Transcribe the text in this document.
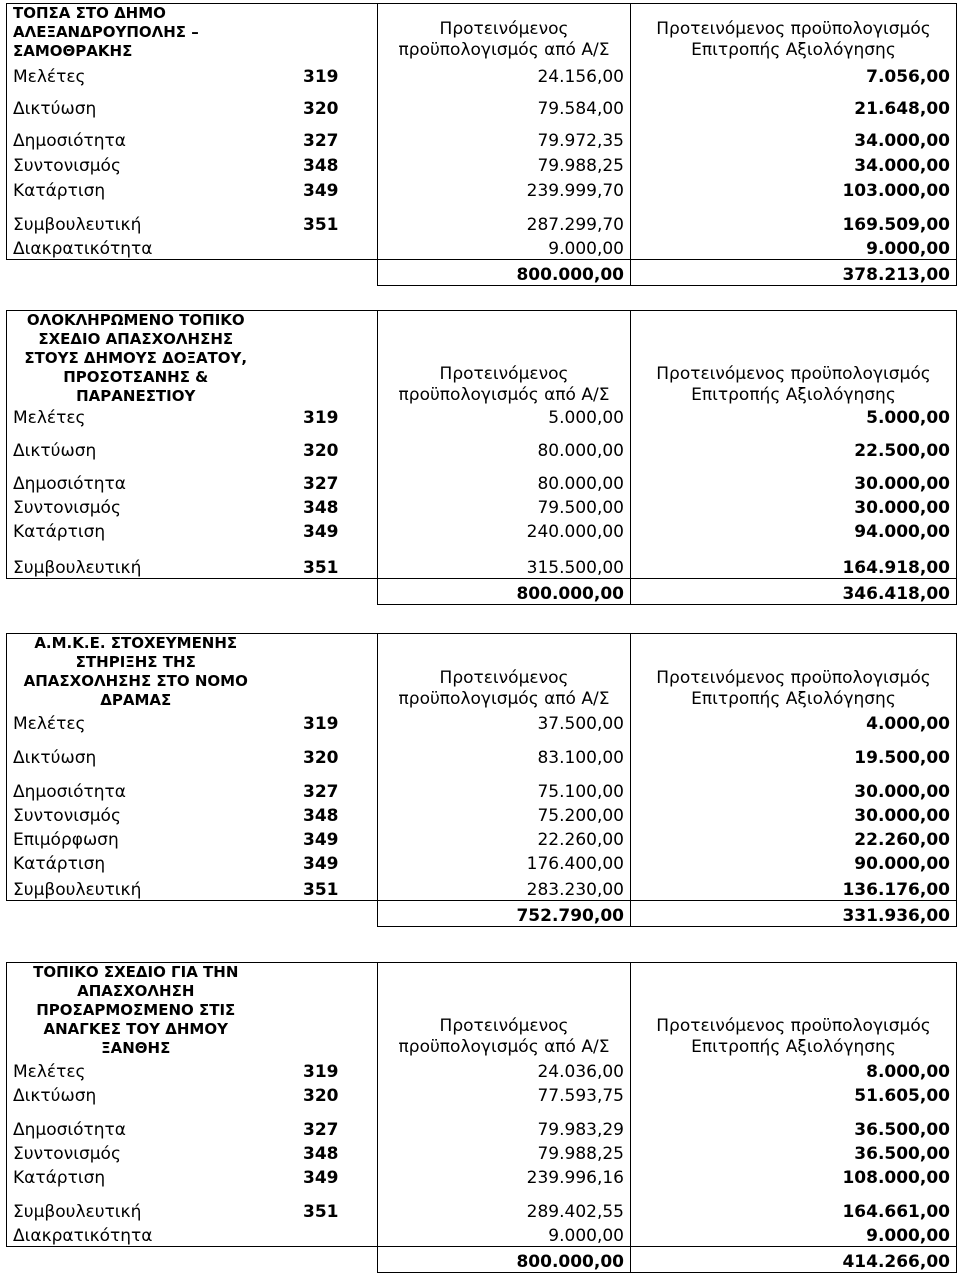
ΤΟΠΣΑ ΣΤΟ ΔΗΜΟ ΑΛΕΞΑΝΔΡΟΥΠΟΛΗΣ – ΣΑΜΟΘΡΑΚΗΣ		Προτεινόμενος προϋπολογισμός από Α/Σ	Προτεινόμενος προϋπολογισμός Επιτροπής Αξιολόγησης
Μελέτες	319	24.156,00	7.056,00
Δικτύωση	320	79.584,00	21.648,00
Δημοσιότητα	327	79.972,35	34.000,00
Συντονισμός	348	79.988,25	34.000,00
Κατάρτιση	349	239.999,70	103.000,00
Συμβουλευτική	351	287.299,70	169.509,00
Διακρατικότητα		9.000,00	9.000,00
		800.000,00	378.213,00
ΟΛΟΚΛΗΡΩΜΕΝΟ ΤΟΠΙΚΟ ΣΧΕΔΙΟ ΑΠΑΣΧΟΛΗΣΗΣ ΣΤΟΥΣ ΔΗΜΟΥΣ ΔΟΞΑΤΟΥ, ΠΡΟΣΟΤΣΑΝΗΣ & ΠΑΡΑΝΕΣΤΙΟΥ		Προτεινόμενος προϋπολογισμός από Α/Σ	Προτεινόμενος προϋπολογισμός Επιτροπής Αξιολόγησης
Μελέτες	319	5.000,00	5.000,00
Δικτύωση	320	80.000,00	22.500,00
Δημοσιότητα	327	80.000,00	30.000,00
Συντονισμός	348	79.500,00	30.000,00
Κατάρτιση	349	240.000,00	94.000,00
Συμβουλευτική	351	315.500,00	164.918,00
		800.000,00	346.418,00
Α.Μ.Κ.Ε. ΣΤΟΧΕΥΜΕΝΗΣ ΣΤΗΡΙΞΗΣ ΤΗΣ ΑΠΑΣΧΟΛΗΣΗΣ ΣΤΟ ΝΟΜΟ ΔΡΑΜΑΣ		Προτεινόμενος προϋπολογισμός από Α/Σ	Προτεινόμενος προϋπολογισμός Επιτροπής Αξιολόγησης
Μελέτες	319	37.500,00	4.000,00
Δικτύωση	320	83.100,00	19.500,00
Δημοσιότητα	327	75.100,00	30.000,00
Συντονισμός	348	75.200,00	30.000,00
Επιμόρφωση	349	22.260,00	22.260,00
Κατάρτιση	349	176.400,00	90.000,00
Συμβουλευτική	351	283.230,00	136.176,00
		752.790,00	331.936,00
ΤΟΠΙΚΟ ΣΧΕΔΙΟ ΓΙΑ ΤΗΝ ΑΠΑΣΧΟΛΗΣΗ ΠΡΟΣΑΡΜΟΣΜΕΝΟ ΣΤΙΣ ΑΝΑΓΚΕΣ ΤΟΥ ΔΗΜΟΥ ΞΑΝΘΗΣ		Προτεινόμενος προϋπολογισμός από Α/Σ	Προτεινόμενος προϋπολογισμός Επιτροπής Αξιολόγησης
Μελέτες	319	24.036,00	8.000,00
Δικτύωση	320	77.593,75	51.605,00
Δημοσιότητα	327	79.983,29	36.500,00
Συντονισμός	348	79.988,25	36.500,00
Κατάρτιση	349	239.996,16	108.000,00
Συμβουλευτική	351	289.402,55	164.661,00
Διακρατικότητα		9.000,00	9.000,00
		800.000,00	414.266,00
